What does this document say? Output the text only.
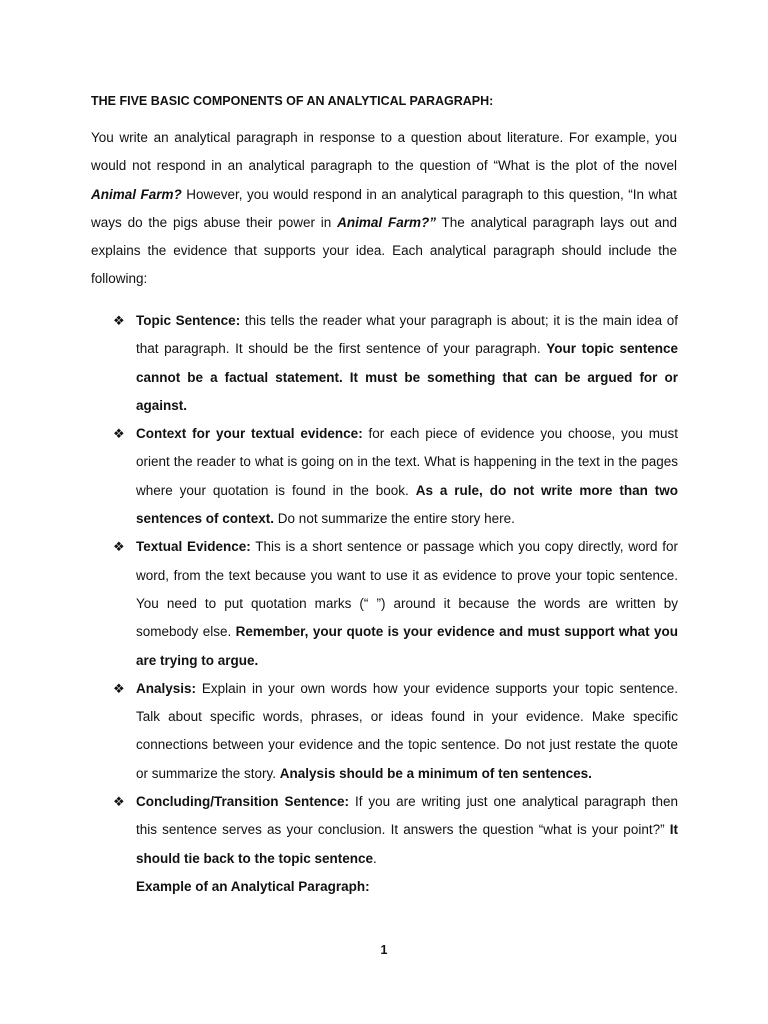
THE FIVE BASIC COMPONENTS OF AN ANALYTICAL PARAGRAPH:
You write an analytical paragraph in response to a question about literature. For example, you would not respond in an analytical paragraph to the question of “What is the plot of the novel Animal Farm? However, you would respond in an analytical paragraph to this question, “In what ways do the pigs abuse their power in Animal Farm?” The analytical paragraph lays out and explains the evidence that supports your idea. Each analytical paragraph should include the following:
❖ Topic Sentence: this tells the reader what your paragraph is about; it is the main idea of that paragraph. It should be the first sentence of your paragraph. Your topic sentence cannot be a factual statement. It must be something that can be argued for or against.
❖ Context for your textual evidence: for each piece of evidence you choose, you must orient the reader to what is going on in the text. What is happening in the text in the pages where your quotation is found in the book. As a rule, do not write more than two sentences of context. Do not summarize the entire story here.
❖ Textual Evidence: This is a short sentence or passage which you copy directly, word for word, from the text because you want to use it as evidence to prove your topic sentence. You need to put quotation marks (“ ”) around it because the words are written by somebody else. Remember, your quote is your evidence and must support what you are trying to argue.
❖ Analysis: Explain in your own words how your evidence supports your topic sentence. Talk about specific words, phrases, or ideas found in your evidence. Make specific connections between your evidence and the topic sentence. Do not just restate the quote or summarize the story. Analysis should be a minimum of ten sentences.
❖ Concluding/Transition Sentence: If you are writing just one analytical paragraph then this sentence serves as your conclusion. It answers the question “what is your point?” It should tie back to the topic sentence.
Example of an Analytical Paragraph:
1
